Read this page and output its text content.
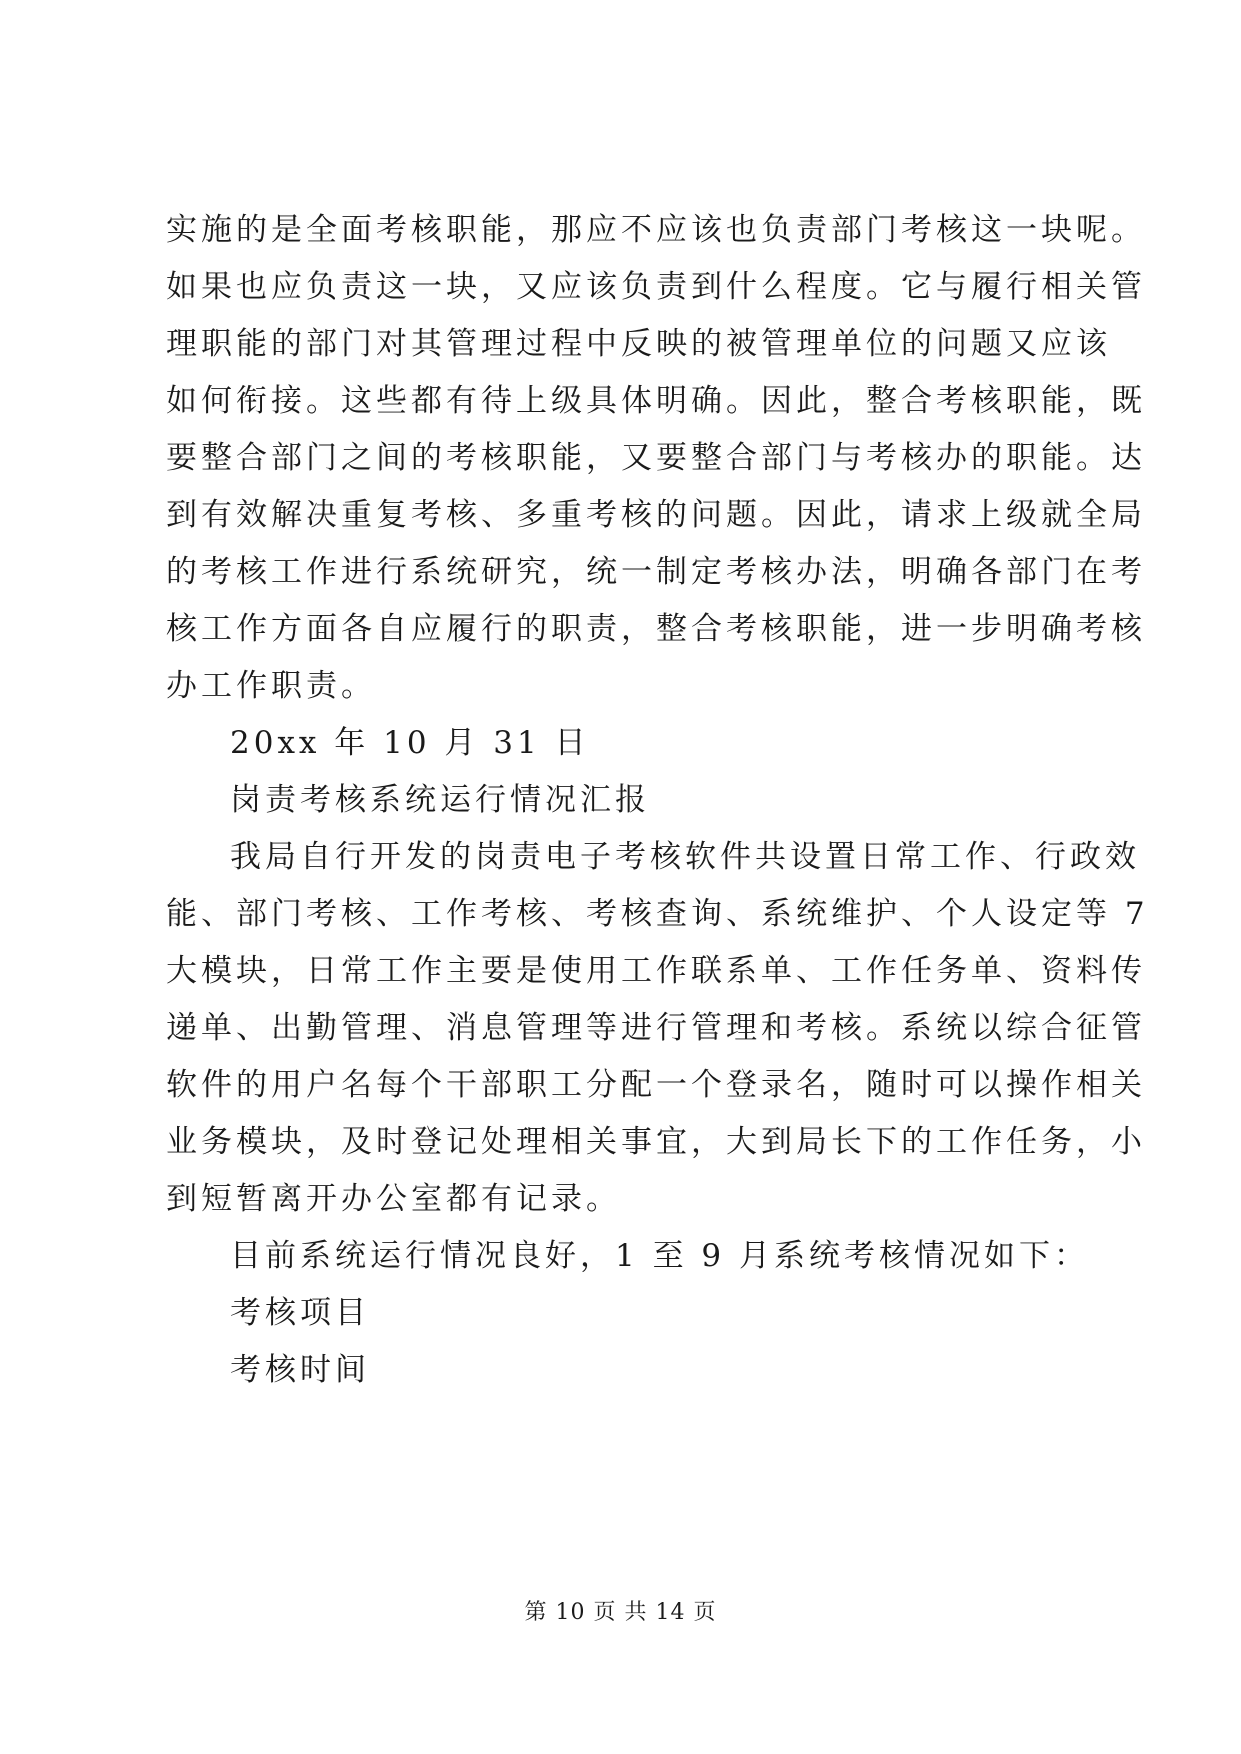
实施的是全面考核职能，那应不应该也负责部门考核这一块呢。
如果也应负责这一块，又应该负责到什么程度。它与履行相关管
理职能的部门对其管理过程中反映的被管理单位的问题又应该
如何衔接。这些都有待上级具体明确。因此，整合考核职能，既
要整合部门之间的考核职能，又要整合部门与考核办的职能。达
到有效解决重复考核、多重考核的问题。因此，请求上级就全局
的考核工作进行系统研究，统一制定考核办法，明确各部门在考
核工作方面各自应履行的职责，整合考核职能，进一步明确考核
办工作职责。
20xx 年 10 月 31 日
岗责考核系统运行情况汇报
我局自行开发的岗责电子考核软件共设置日常工作、行政效
能、部门考核、工作考核、考核查询、系统维护、个人设定等 7
大模块，日常工作主要是使用工作联系单、工作任务单、资料传
递单、出勤管理、消息管理等进行管理和考核。系统以综合征管
软件的用户名每个干部职工分配一个登录名，随时可以操作相关
业务模块，及时登记处理相关事宜，大到局长下的工作任务，小
到短暂离开办公室都有记录。
目前系统运行情况良好，1 至 9 月系统考核情况如下：
考核项目
考核时间
第 10 页 共 14 页
